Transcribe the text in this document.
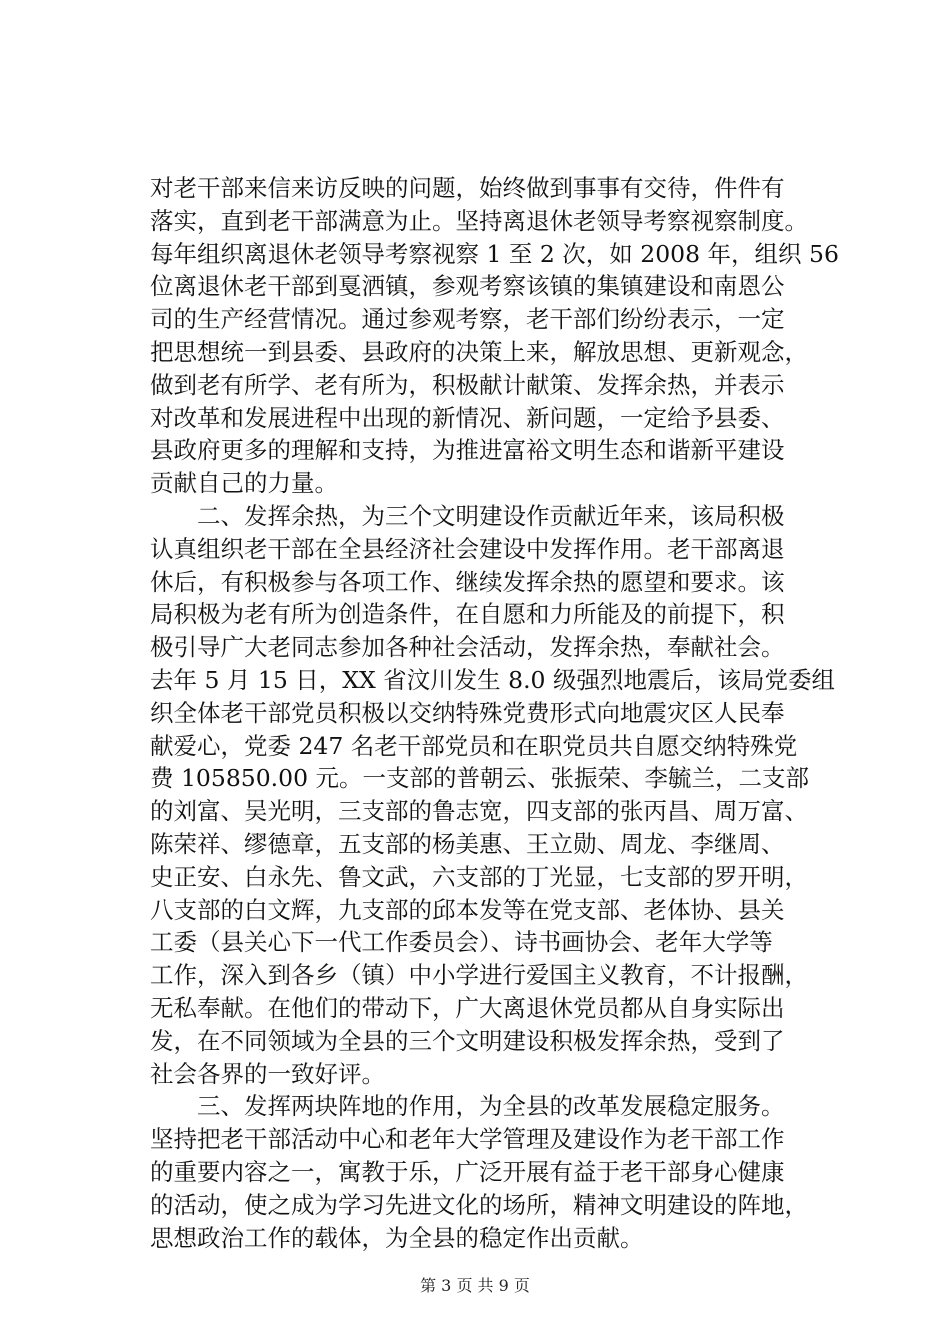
对老干部来信来访反映的问题，始终做到事事有交待，件件有
落实，直到老干部满意为止。坚持离退休老领导考察视察制度。
每年组织离退休老领导考察视察 1 至 2 次，如 2008 年，组织 56
位离退休老干部到戛洒镇，参观考察该镇的集镇建设和南恩公
司的生产经营情况。通过参观考察，老干部们纷纷表示，一定
把思想统一到县委、县政府的决策上来，解放思想、更新观念，
做到老有所学、老有所为，积极献计献策、发挥余热，并表示
对改革和发展进程中出现的新情况、新问题，一定给予县委、
县政府更多的理解和支持，为推进富裕文明生态和谐新平建设
贡献自己的力量。
　　二、发挥余热，为三个文明建设作贡献近年来，该局积极
认真组织老干部在全县经济社会建设中发挥作用。老干部离退
休后，有积极参与各项工作、继续发挥余热的愿望和要求。该
局积极为老有所为创造条件，在自愿和力所能及的前提下，积
极引导广大老同志参加各种社会活动，发挥余热，奉献社会。
去年 5 月 15 日，XX 省汶川发生 8.0 级强烈地震后，该局党委组
织全体老干部党员积极以交纳特殊党费形式向地震灾区人民奉
献爱心，党委 247 名老干部党员和在职党员共自愿交纳特殊党
费 105850.00 元。一支部的普朝云、张振荣、李毓兰，二支部
的刘富、吴光明，三支部的鲁志宽，四支部的张丙昌、周万富、
陈荣祥、缪德章，五支部的杨美惠、王立勋、周龙、李继周、
史正安、白永先、鲁文武，六支部的丁光显，七支部的罗开明，
八支部的白文辉，九支部的邱本发等在党支部、老体协、县关
工委（县关心下一代工作委员会）、诗书画协会、老年大学等
工作，深入到各乡（镇）中小学进行爱国主义教育，不计报酬，
无私奉献。在他们的带动下，广大离退休党员都从自身实际出
发，在不同领域为全县的三个文明建设积极发挥余热，受到了
社会各界的一致好评。
　　三、发挥两块阵地的作用，为全县的改革发展稳定服务。
坚持把老干部活动中心和老年大学管理及建设作为老干部工作
的重要内容之一，寓教于乐，广泛开展有益于老干部身心健康
的活动，使之成为学习先进文化的场所，精神文明建设的阵地，
思想政治工作的载体，为全县的稳定作出贡献。
第 3 页 共 9 页
